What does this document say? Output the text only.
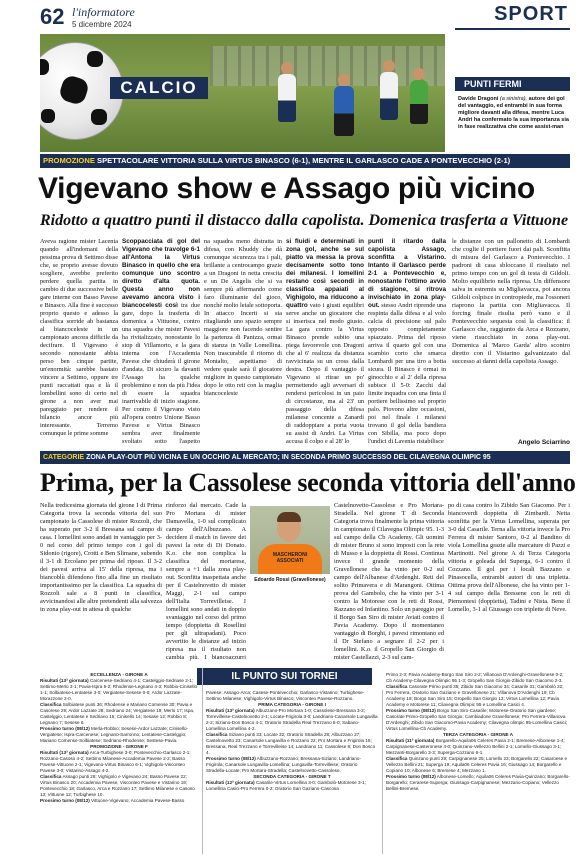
62 l'informatore
5 dicembre 2024	SPORT
CALCIO	PUNTI FERMI
Davide Dragoni (a sinistra), autore dei gol del vantaggio, ed entrambi in sua forma migliore davanti alla difesa, mentre Luca Andri ha confermato la sua importanza sia in fase realizzativa che come assist-man
PROMOZIONE SPETTACOLARE VITTORIA SULLA VIRTUS BINASCO (6-1), MENTRE IL GARLASCO CADE A PONTEVECCHIO (2-1)
Vigevano show e Assago più vicino
Ridotto a quattro punti il distacco dalla capolista. Domenica trasferta a Vittuone
Aveva ragione mister Lacenta quando all'indomani della pessima prova di Settimo disse che, se proprio avesse dovuto scegliere, avrebbe preferito perdere quella partita in cambio di due successive belle gare interne con Basso Pavese e Binasco. Alla fine è successo proprio questo e adesso la classifica sorride ab bastanza al biancoceleste in un campionato ancora difficile da decifrare. Il Vigevano è secondo nonostante abbia perso ben cinque partite, un'enormità: sarebbe bastato vincere a Settimo, oppure tre punti raccattati qua e là il lombellini sono di certo nel girone a non aver mai pareggiato per rendere il bilancio ancor più interessante. Terremo comunque le prime somme
Scoppacciata di gol del Vigevano che travolge 6-1 all'Antona la Virtus Binasco in quello che era comunque uno scontro diretto d'alta quota. Questa anno non avevamo ancora visto i biancocelesti così tra due gare, dopo la trasferta di domenica a Vittuone, contro una squadra che mister Pavesi ha rivitalizzato, nonostante lo stop di Villamorto, e la gara interna con l'Accademia Pavese che chiuderà il girone d'andata. Di sicuro la davanti l'Assago ha qualche problemino e non da più l'idea di essere la squadra inarrivabile di inizio stagione. Per contro il Vigevano visto all'opera contro Unione Basso Pavese e Virtus Binasco sembra aver finalmente svoltato sotto l'aspetto
na squadra meno distratta in difesa, con Khuddy che dà comunque sicurezza tra i pali, brillante a centrocampo grazie a un Dragoni in netta crescita e un De Angelis che si va sempre più affermando come faro illuminante del gioco, nonché molto letale sottoporta. In attacco Incerti si sta ritagliando uno spazio sempre maggiore non facendo sentire la partenza di Panizza, ormai di stanza in Valle Lomellina. Non trascurabile il ritorno di Montalto, aspettiamo di vedere quale sarà il giocatore migliore in questo campionato dopo le otto reti con la maglia biancoceleste
si fluidi e determinati in zona gol, anche se sul piatto va messa la prova decisamente sotto tono dei milanesi. I lomellini restano così secondi in classifica appaiati al Vighigolo, ma riducono a quattro vato i giusti equilibri serve anche un giocatore che si inserisca nel modo giusto. La gara contro la Virtus Binasco prende subito una piega favorevole con Dragoni che al 6' realizza da distanza ravvicinata su un cross dalla destra. Dopo il vantaggio il Vigevano si ritrae un po' permettendo agli avversari di rendersi pericolosi in un paio di circostanze, ma al 23' un passaggio della difesa milanese concente a Zanardi di raddoppiare a porta vuota su assist di Andri. La Virtus accusa il colpo e al 28' lo
punti il ritardo dalla capolista Assago, sconfitta a Vistarino. Intanto il Garlasco perde 2-1 a Pontevecchio e, nonostante l'ottimo avvio di stagione, si ritrova invischiato in zona play-out. stesso Andri riprende una respinta dalla difesa e al volo calcia di precisione sul palo opposto completamente spiazzato. Prima del riposo arriva il quarto gol con una scambio corto che smarca Lombardi per una tiro a botta sicura. Il Binasco è ormai in ginocchio e al 2' della ripresa subisce il 5-0: Zacchi dal limite inquadra con una finta il portiere bellissimo sul proprio palo. Piovono altre occasioni, poi nel finale i milanesi trovano il gol della bandiera con Sibilla, ma poco dopo l'undici di Lavenia ristabilisce
le distanze con un pallonetto di Lombardi che coglie il portiere fuori dai pali. Sconfitta di misura del Garlasco a Pontevecchio. I padroni di casa sbloccano il risultato nel primo tempo con un gol di testa di Gildoli. Molto equilibrio nella ripresa. Un diffensore salva in estremis su Migliavacca, poi ancora Gildoli colpisce in contropiede, ma l'ossoneri riaprono la partita con Migliavacca. Il forcing finale risulta però vano e il Pontevecchio sequesta così la classifica: il Garlasco che, raggiunto da Arca e Rozzano, viene risucchiato in zona play-out. Domenica al 'Marco Garda' altro scontro diretto con il Vistarino galvanizzato dal successo ai danni della capolista Assago.
Angelo Sciarrino
CATEGORIE ZONA PLAY-OUT PIÙ VICINA E UN OCCHIO AL MERCATO; IN SECONDA PRIMO SUCCESSO DEL CILAVEGNA OLIMPIC 95
Prima, per la Cassolese seconda vittoria dell'anno
Nella tredicesima giornata del girone I di Prima Categoria trova la seconda vittoria del suo campionato la Cassolese di mister Rozzoli, che ha superato per 3-2 il Bressana sul campo di casa. I lomellini sono andati in vantaggio per 3-0 nel corso del primo tempo con i gol di Sidonio (rigore), Crotti e Ben Slimane, subendo il 3-1 di Ercolano per prima del riposo. Il 3-2 dei pavesi arriva al 15' della ripresa, ma i biancoblù difendono fino alla fine un risultato importantissimo per la classifica. La squadra di Rozzoli sale a 8 punti in classifica, avvicinandosi alle altre pretendenti alla salvezza in zona play-out in attesa di qualche
rinforzo dal mercato. Cade la Pro Mortara di mister Damavella, 1-0 sul complicato campo dell'Albuzzano. A decidere il match in favore dei pavesi la rete di Di Donato. K.o. che non complica la classifica del mortarese, sempre a +1 dalla zona play-out. Sconfitta inaspettata anche per il Castelnovetto di mister Maggi, 2-1 sul campo dell'Italia Torrevilleise. I lomellini sono andati in doppio svantaggio nel corso del primo tempo (doppietta di Rosellini per gli ultrapadani). Poco avvertito le distanze ad inizio ripresa ma il risultato non cambia più. I biancoazzurri
MASCHERONI ASSOCIATI
Edoardo Rossi (Gravellonese)
Castelnovetto-Cassolese e Pro Mortara-Stradella. Nel girone T di Seconda Categoria trova finalmente la prima vittoria in campionato il Cilavegna Olimpic 95. 1-3 sul campo della Cb Academy. Gli uomini di mister Bruno si sono imposti con la rete di Musso e la doppietta di Rossi. Continua invece il grande momento della Gravellonese che ha vinto per 0-2 sul campo dell'Albanese d'Ardenghi. Reti del solito Primavera e di Marangoni. Ottima prova del Gambolo, che ha vinto per 3-1 contro la Motorese con le reti di Rossi, Razzano ed Infantino. Solo un pareggio per il Borgo San Siro di mister Aviati contro il Pavia Academy. Dopo il momentaneo vantaggio di Borghi, i pavesi rimontano ed il Dr Stefano a segnare il 2-2 per i lomellini. K.o. il Gropello San Giorgio di mister Castellazzi, 2-3 sul cam-
po di casa contro lo Zibido San Giacomo. Per i biancoverdi doppietta di Zimbardi. Netta sconfitta per la Virtus Lomellina, superata per 3-0 dal Casarile. Terna alla vittoria invece la Pro Ferrera di mister Santoro, 0-2 al Bandino di viola Lomellina grazie alle marcature di Pazzi e Martinotti. Nel girone A di Terza Categoria vittoria e goleada del Superga, 6-1 contro il Cozzano. Il gol per i locali Bazzano e Pinasocella, entrambi autori di una tripletta. Ottima prova dell'Albonese, che ha vinto per 1-4 sul campo della Bressene con le reti di Piemontesi (doppietta), Tadini e Nista. Bene il Lomello, 3-1 al Giussago con triplette di Neve.
IL PUNTO SUI TORNEI
ECCELLENZA - GIRONE A
Risultati (13ª giornata) Carcenese-Sedriano 4-1; Castelggio-Sedriase 2-1; Settimo-Merlo 3-1; Pavia-Ispra 5-2; Rhodense-Legnano 4-3; Robbio-Cinisello 1-1; Solbiatese-Lentatese 3-0; Vergiatese-Sesese 0-0; Ardor Lazzate-Morazzone 2-0.
Classifica Solbiatese punti 36; Rhodense e Mariano Comense 30; Pavia e Casorese 29; Ardor Lazzate 28; Sedriano 24; Vergiatese 19; Merlo 17; Ispa, Castelggio, Lentatese e Sedriano 15; Cinisello 14; Sesase 12; Robbio 8; Legnano 7; Sesese 6.
Prossimo turno (08/12) Merla-Robbio; Sesese-Ardor Lazzate; Cinisello-Vergiatese; Ispra-Carcenese; Legnano-Sarronno; Lentatese-Castelggio; Mariano Comense-Solbiatese; Sedriano-Rhodense; Sestese-Pavia.
PROMOZIONE - GIRONE F
Risultati (13ª giornata) Arca-Turbighese 3-0; Pontevecchio-Garlasco 2-1; Rozzano-Casoso 4-2; Settimo Milanese-Accademia Pavese 2-2; Basso Pavese-Vittuone 2-1; Vigevano-Virtus Binasco 6-1; Vighigolo-Visconteo Pavese 3-0; Vistarino-Assago 4-2.
Classifica Assago punti 28; Vighigolo e Vigevano 24; Basso Pavese 22; Virtus Binasco 20; Accademia Pavese, Visconteo Pavese e Vistarino 19; Pontevecchio 18; Garlasco, Arca e Rozzano 17; Settimo Milanese e Casoso 13; Vittuone 12; Turbighese 10.
Prossimo turno (08/12) Vittuone-Vigevano; Accademia Pavese-Basso
Pavese; Assago-Arca; Casese-Pontevecchio; Garlasco-Vistarino; Turbighese-Settimo Milanese; Vighigolo-Virtus Binasco; Visconteo Pavese-Rozzano.
PRIMA CATEGORIA - GIRONE I
Risultati (13ª giornata) Albuzzano-Pro Mortara 1-0; Cassolese-Bressana 3-2; Torrevilleise-Castelnovetto 2-1; Locate-Frigirola 3-0; Landriano-Canarsole Lungavilla 2-2; Siziano-Don Bosco 4-1; Oratorio Stradella Real Trezzano 5-0; Sabano-Lomellina Lomellina 4-2.
Classifica Siziano punti 33; Locate 32; Oratorio Stradella 28; Albuzzano 27; Castelnovetto 23; Canarsole Lungavilla e Rozzano 22; Pro Mortara e Frigirola 15; Bressana, Real Trezzano e Torrevilleise 14; Landriano 11; Cassolese 8; Don Bosco 4.
Prossimo turno (08/12) Albuzzano-Rozzano; Bressana-Siziano; Landriano-Frigirola; Canarsole Lungavilla-Lomellina; Lungavilla-Torrevilleise; Oratorio Stradella-Locate; Pro Mortara-Stradella; Castelnovetto-Cassolese.
SECONDA CATEGORIA - GIRONE T
Risultati (12ª giornata) Casarile-Virtus Lomellina 3-0; Gambolò-Motorese 3-1; Lomellina Casici-Pro Ferrera 0-2; Oratorio San Gaziano-Cascosa
Primo 2-3; Pavia Academy-Borgo San Siro 2-2; Villanova D'Ardenghi-Gravellonese 0-2; Cb Academy-Cilavegna Olimpic 95 1-3; Gropello San Giorgio-Zibido San Giacomo 2-3.
Classifica Casorate Primo punti 35; Zibido San Giacomo 34; Casarile 31; Gambolò 22; Pro Ferrera, Oratorio San Gaziano e Gravellonese 21; Villanova D'Ardenghi 19; Cb Academy 18; Borgo San Siro 15; Gropello San Giorgio 13; Virtus Lomellina 12; Pavia Academy e Motorese 11; Cilavegna Olimpic 95 e Lomellina Casici 4.
Prossimo turno (08/12) Borgo San Siro-Casarile; Motorese-Oratorio San giardese; Casorate Primo-Gropello San Giorgio; Cambiadone Gravellonese; Pro Ferrera-Villanova D'Ardenghi; Zibido San Giacomo-Pavia Academy; Cilavegna olimpic 95-Lomellina Casici; Virtus Lomellina-Cb Academy.
TERZA CATEGORIA - GIRONE A
Risultati (11ª giornata) Borgarello-Aquila06 Celeres Pavia 2-1; Bremese-Albonese 1-4; Carpignanese-Casteronese 4-0; Quinzano-Vellezzo Bellini 2-1; Lomello-Giussago 3-1; Mezzanti-Borgarello 3-3; Superga-Cozzano 6-1.
Classifica Quinzano punti 29; Carpignanese 25; Lomello 23; Borgarello 22; Casaroese e Vellezzo Bellini 21; Superga 19; Aquila06 Celeres Pavia 16; Giussago 14; Borgarello e Copiano 10; Albonese 6; Bremese 4; Mezzano 1.
Prossimo turno (08/12) Albonese-Lomello; Aquila06 Celeres Pavia-Quinzano; Borgarello-Borgarello; Cerarese-Superga; Giussago-Carpignanese; Mezzano-Copiano; Vellezzo Bellini-Bremese.
